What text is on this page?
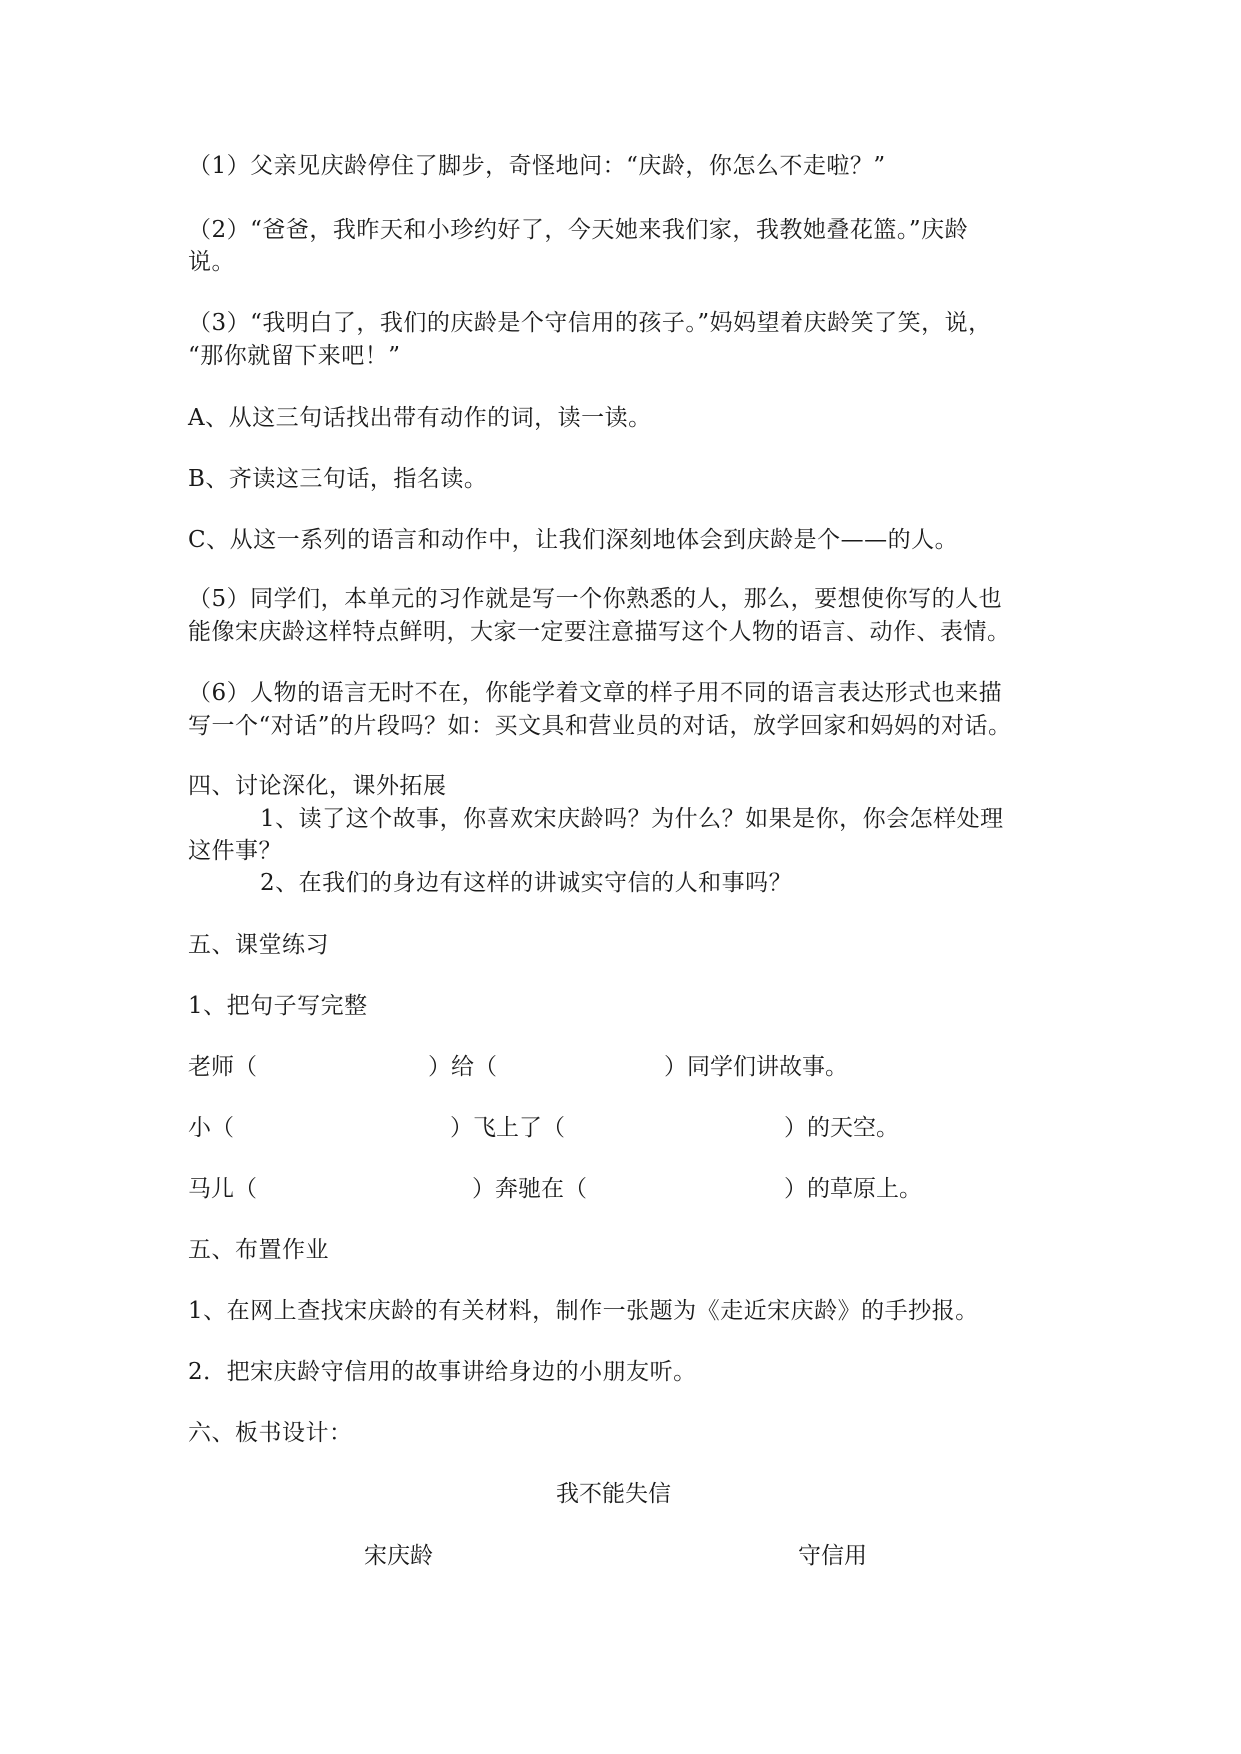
（1）父亲见庆龄停住了脚步，奇怪地问：“庆龄，你怎么不走啦？”
（2）“爸爸，我昨天和小珍约好了，今天她来我们家，我教她叠花篮。”庆龄
说。
（3）“我明白了，我们的庆龄是个守信用的孩子。”妈妈望着庆龄笑了笑，说，
“那你就留下来吧！”
A、从这三句话找出带有动作的词，读一读。
B、齐读这三句话，指名读。
C、从这一系列的语言和动作中，让我们深刻地体会到庆龄是个——的人。
（5）同学们，本单元的习作就是写一个你熟悉的人，那么，要想使你写的人也
能像宋庆龄这样特点鲜明，大家一定要注意描写这个人物的语言、动作、表情。
（6）人物的语言无时不在，你能学着文章的样子用不同的语言表达形式也来描
写一个“对话”的片段吗？如：买文具和营业员的对话，放学回家和妈妈的对话。
四、讨论深化，课外拓展
1、读了这个故事，你喜欢宋庆龄吗？为什么？如果是你，你会怎样处理
这件事？
2、在我们的身边有这样的讲诚实守信的人和事吗？
五、课堂练习
1、把句子写完整
老师（	）给（	）同学们讲故事。
小（	）飞上了（	）的天空。
马儿（	）奔驰在（	）的草原上。
五、布置作业
1、在网上查找宋庆龄的有关材料，制作一张题为《走近宋庆龄》的手抄报。
2．把宋庆龄守信用的故事讲给身边的小朋友听。
六、板书设计：
我不能失信
宋庆龄	守信用
